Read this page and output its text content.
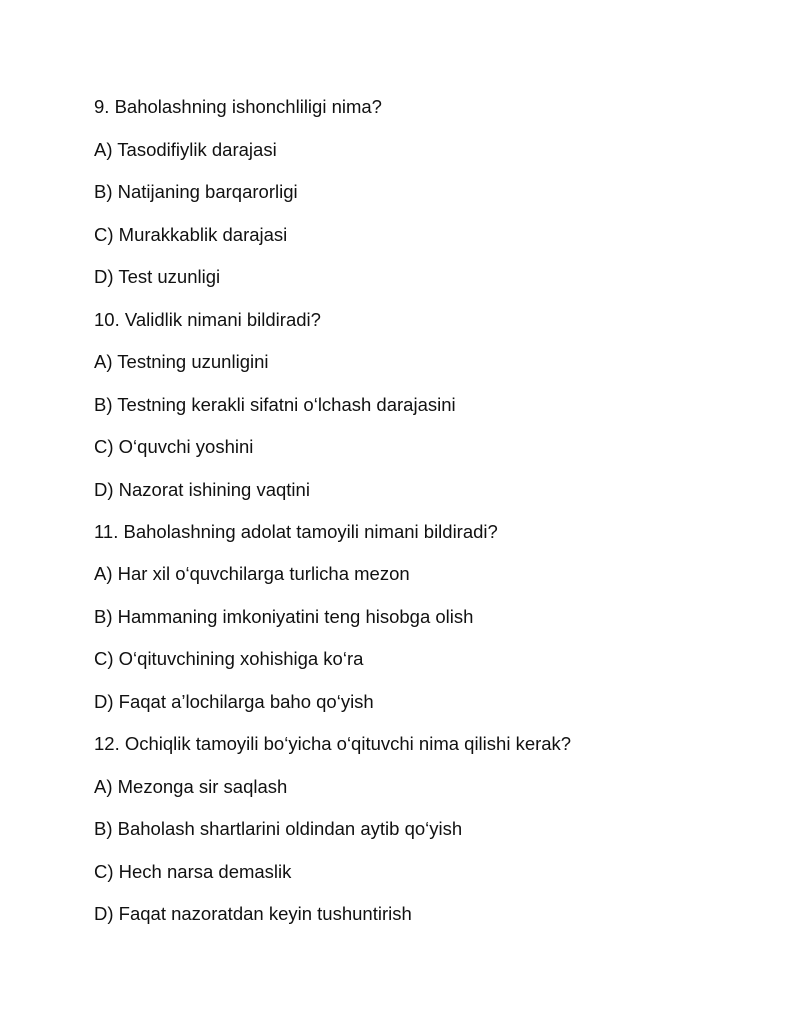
9. Baholashning ishonchliligi nima?

A) Tasodifiylik darajasi

B) Natijaning barqarorligi

C) Murakkablik darajasi

D) Test uzunligi

10. Validlik nimani bildiradi?

A) Testning uzunligini

B) Testning kerakli sifatni o‘lchash darajasini

C) O‘quvchi yoshini

D) Nazorat ishining vaqtini

11. Baholashning adolat tamoyili nimani bildiradi?

A) Har xil o‘quvchilarga turlicha mezon

B) Hammaning imkoniyatini teng hisobga olish

C) O‘qituvchining xohishiga ko‘ra

D) Faqat a’lochilarga baho qo‘yish

12. Ochiqlik tamoyili bo‘yicha o‘qituvchi nima qilishi kerak?

A) Mezonga sir saqlash

B) Baholash shartlarini oldindan aytib qo‘yish

C) Hech narsa demaslik

D) Faqat nazoratdan keyin tushuntirish
